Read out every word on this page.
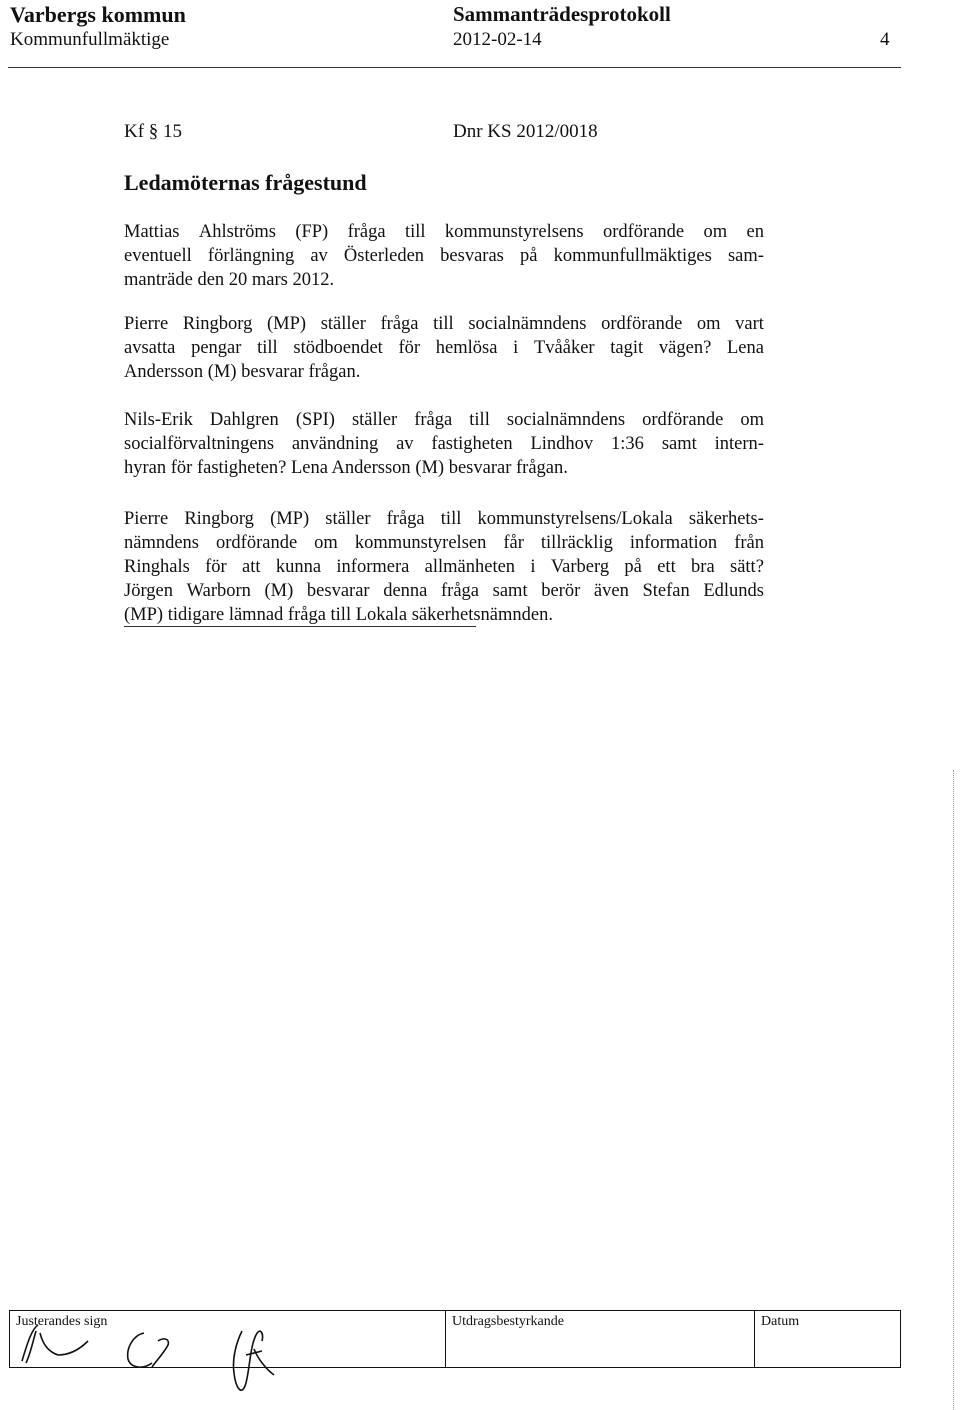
Varbergs kommun	Sammanträdesprotokoll
Kommunfullmäktige	2012-02-14	4
Kf § 15	Dnr KS 2012/0018
Ledamöternas frågestund
Mattias Ahlströms (FP) fråga till kommunstyrelsens ordförande om en
eventuell förlängning av Österleden besvaras på kommunfullmäktiges sam-
manträde den 20 mars 2012.
Pierre Ringborg (MP) ställer fråga till socialnämndens ordförande om vart
avsatta pengar till stödboendet för hemlösa i Tvååker tagit vägen? Lena
Andersson (M) besvarar frågan.
Nils-Erik Dahlgren (SPI) ställer fråga till socialnämndens ordförande om
socialförvaltningens användning av fastigheten Lindhov 1:36 samt intern-
hyran för fastigheten? Lena Andersson (M) besvarar frågan.
Pierre Ringborg (MP) ställer fråga till kommunstyrelsens/Lokala säkerhets-
nämndens ordförande om kommunstyrelsen får tillräcklig information från
Ringhals för att kunna informera allmänheten i Varberg på ett bra sätt?
Jörgen Warborn (M) besvarar denna fråga samt berör även Stefan Edlunds
(MP) tidigare lämnad fråga till Lokala säkerhetsnämnden.
Justerandes sign	Utdragsbestyrkande	Datum
